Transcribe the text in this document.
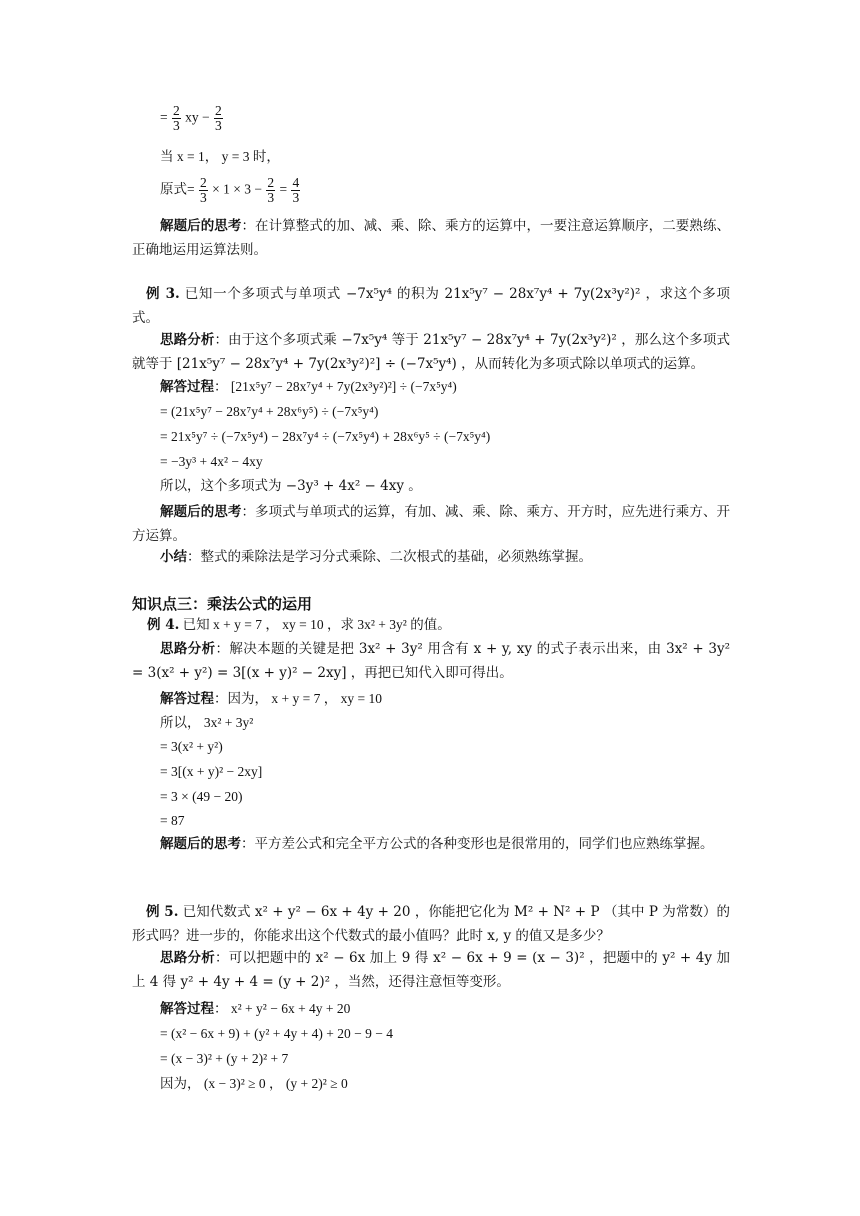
= $\frac{2}{3}$ xy − $\frac{2}{3}$
当 x = 1， y = 3 时，
原式= $\frac{2}{3} \times 1 \times 3 - \frac{2}{3} = \frac{4}{3}$
解题后的思考：在计算整式的加、减、乘、除、乘方的运算中，一要注意运算顺序，二要熟练、正确地运用运算法则。
例 3. 已知一个多项式与单项式 −7x⁵y⁴ 的积为 21x⁵y⁷ − 28x⁷y⁴ + 7y(2x³y²)² ，求这个多项式。
思路分析：由于这个多项式乘 −7x⁵y⁴ 等于 21x⁵y⁷ − 28x⁷y⁴ + 7y(2x³y²)² ，那么这个多项式就等于 [21x⁵y⁷ − 28x⁷y⁴ + 7y(2x³y²)²] ÷ (−7x⁵y⁴) ，从而转化为多项式除以单项式的运算。
解答过程： [21x⁵y⁷ − 28x⁷y⁴ + 7y(2x³y²)²] ÷ (−7x⁵y⁴)
= (21x⁵y⁷ − 28x⁷y⁴ + 28x⁶y⁵) ÷ (−7x⁵y⁴)
= 21x⁵y⁷ ÷ (−7x⁵y⁴) − 28x⁷y⁴ ÷ (−7x⁵y⁴) + 28x⁶y⁵ ÷ (−7x⁵y⁴)
= −3y³ + 4x² − 4xy
所以，这个多项式为 −3y³ + 4x² − 4xy 。
解题后的思考：多项式与单项式的运算，有加、减、乘、除、乘方、开方时，应先进行乘方、开方运算。
小结：整式的乘除法是学习分式乘除、二次根式的基础，必须熟练掌握。
知识点三：乘法公式的运用
例 4. 已知 x + y = 7 ， xy = 10 ，求 3x² + 3y² 的值。
思路分析：解决本题的关键是把 3x² + 3y² 用含有 x + y, xy 的式子表示出来，由 3x² + 3y² = 3(x² + y²) = 3[(x + y)² − 2xy] ，再把已知代入即可得出。
解答过程：因为， x + y = 7 ， xy = 10
所以， 3x² + 3y²
= 3(x² + y²)
= 3[(x + y)² − 2xy]
= 3 × (49 − 20)
= 87
解题后的思考：平方差公式和完全平方公式的各种变形也是很常用的，同学们也应熟练掌握。
例 5. 已知代数式 x² + y² − 6x + 4y + 20 ，你能把它化为 M² + N² + P （其中 P 为常数）的形式吗？进一步的，你能求出这个代数式的最小值吗？此时 x, y 的值又是多少？
思路分析：可以把题中的 x² − 6x 加上 9 得 x² − 6x + 9 = (x − 3)² ，把题中的 y² + 4y 加上 4 得 y² + 4y + 4 = (y + 2)² ，当然，还得注意恒等变形。
解答过程： x² + y² − 6x + 4y + 20
= (x² − 6x + 9) + (y² + 4y + 4) + 20 − 9 − 4
= (x − 3)² + (y + 2)² + 7
因为， (x − 3)² ≥ 0 ， (y + 2)² ≥ 0
